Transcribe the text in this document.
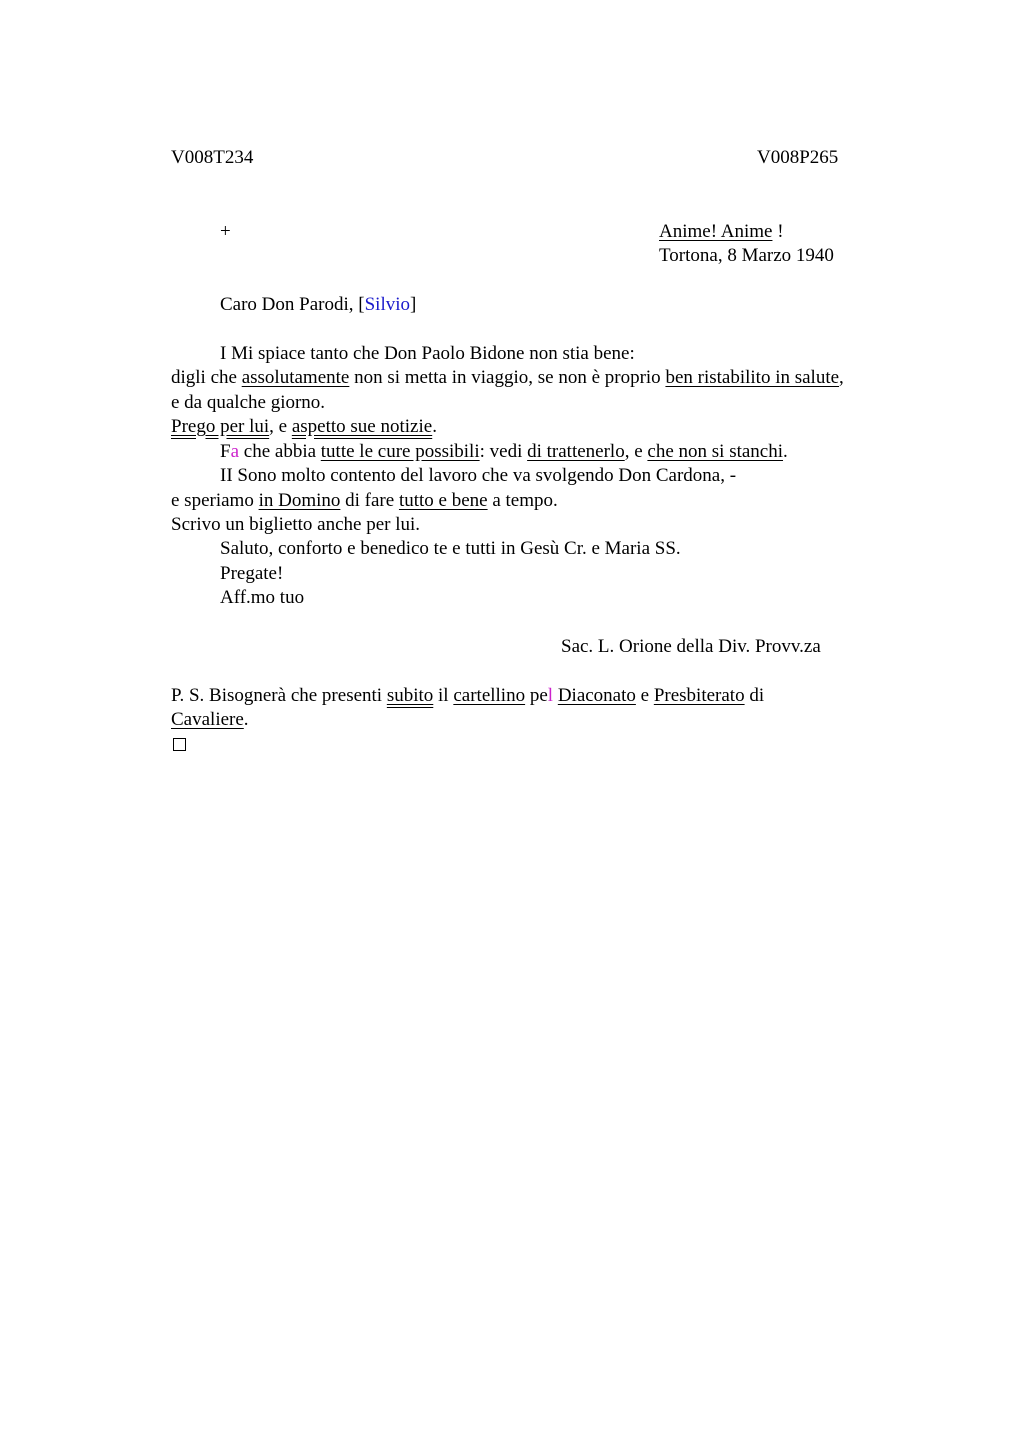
V008T234	V008P265
+	Anime! Anime !
Tortona, 8 Marzo 1940
Caro Don Parodi, [Silvio]
I Mi spiace tanto che Don Paolo Bidone non stia bene:
digli che assolutamente non si metta in viaggio, se non è proprio ben ristabilito in salute,
e da qualche giorno.
Prego per lui, e aspetto sue notizie.
Fa che abbia tutte le cure possibili: vedi di trattenerlo, e che non si stanchi.
II Sono molto contento del lavoro che va svolgendo Don Cardona, -
e speriamo in Domino di fare tutto e bene a tempo.
Scrivo un biglietto anche per lui.
Saluto, conforto e benedico te e tutti in Gesù Cr. e Maria SS.
Pregate!
Aff.mo tuo
Sac. L. Orione della Div. Provv.za
P. S. Bisognerà che presenti subito il cartellino pel Diaconato e Presbiterato di
Cavaliere.
